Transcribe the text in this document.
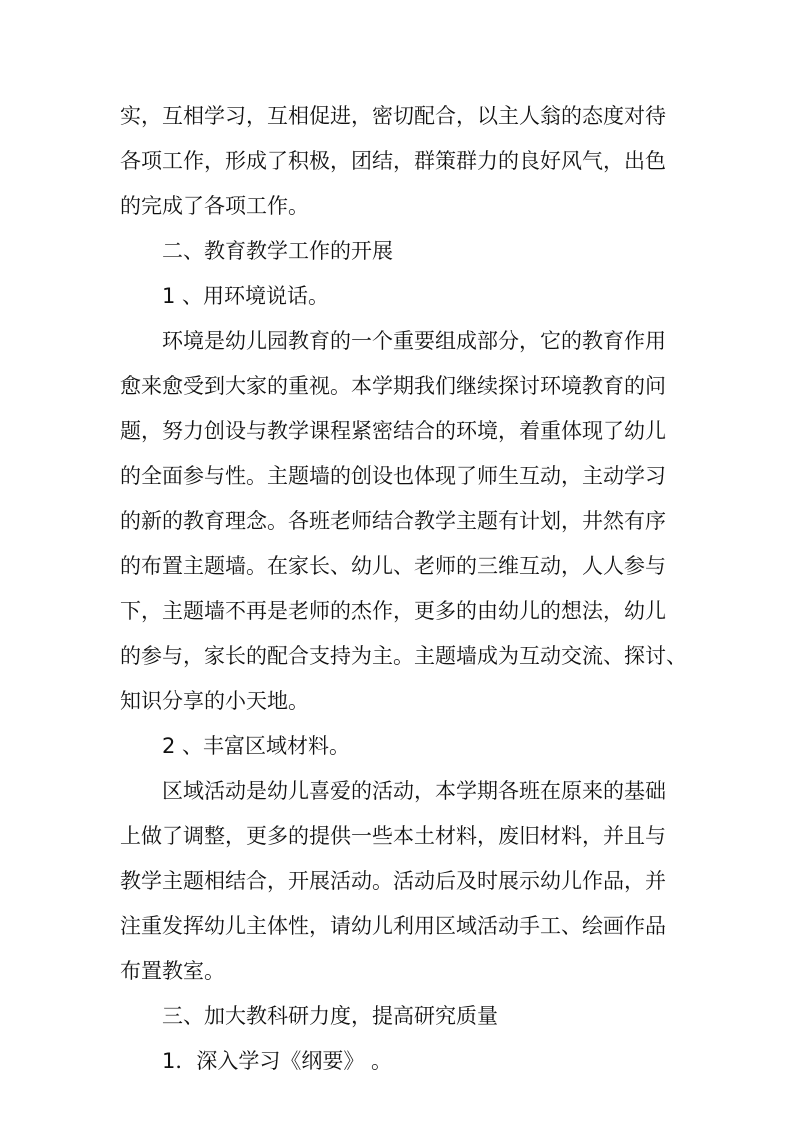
实，互相学习，互相促进，密切配合，以主人翁的态度对待
各项工作，形成了积极，团结，群策群力的良好风气，出色
的完成了各项工作。
二、教育教学工作的开展
1 、用环境说话。
环境是幼儿园教育的一个重要组成部分，它的教育作用
愈来愈受到大家的重视。本学期我们继续探讨环境教育的问
题，努力创设与教学课程紧密结合的环境，着重体现了幼儿
的全面参与性。主题墙的创设也体现了师生互动，主动学习
的新的教育理念。各班老师结合教学主题有计划，井然有序
的布置主题墙。在家长、幼儿、老师的三维互动，人人参与
下，主题墙不再是老师的杰作，更多的由幼儿的想法，幼儿
的参与，家长的配合支持为主。主题墙成为互动交流、探讨、
知识分享的小天地。
2 、丰富区域材料。
区域活动是幼儿喜爱的活动，本学期各班在原来的基础
上做了调整，更多的提供一些本土材料，废旧材料，并且与
教学主题相结合，开展活动。活动后及时展示幼儿作品，并
注重发挥幼儿主体性，请幼儿利用区域活动手工、绘画作品
布置教室。
三、加大教科研力度，提高研究质量
1．深入学习《纲要》 。
